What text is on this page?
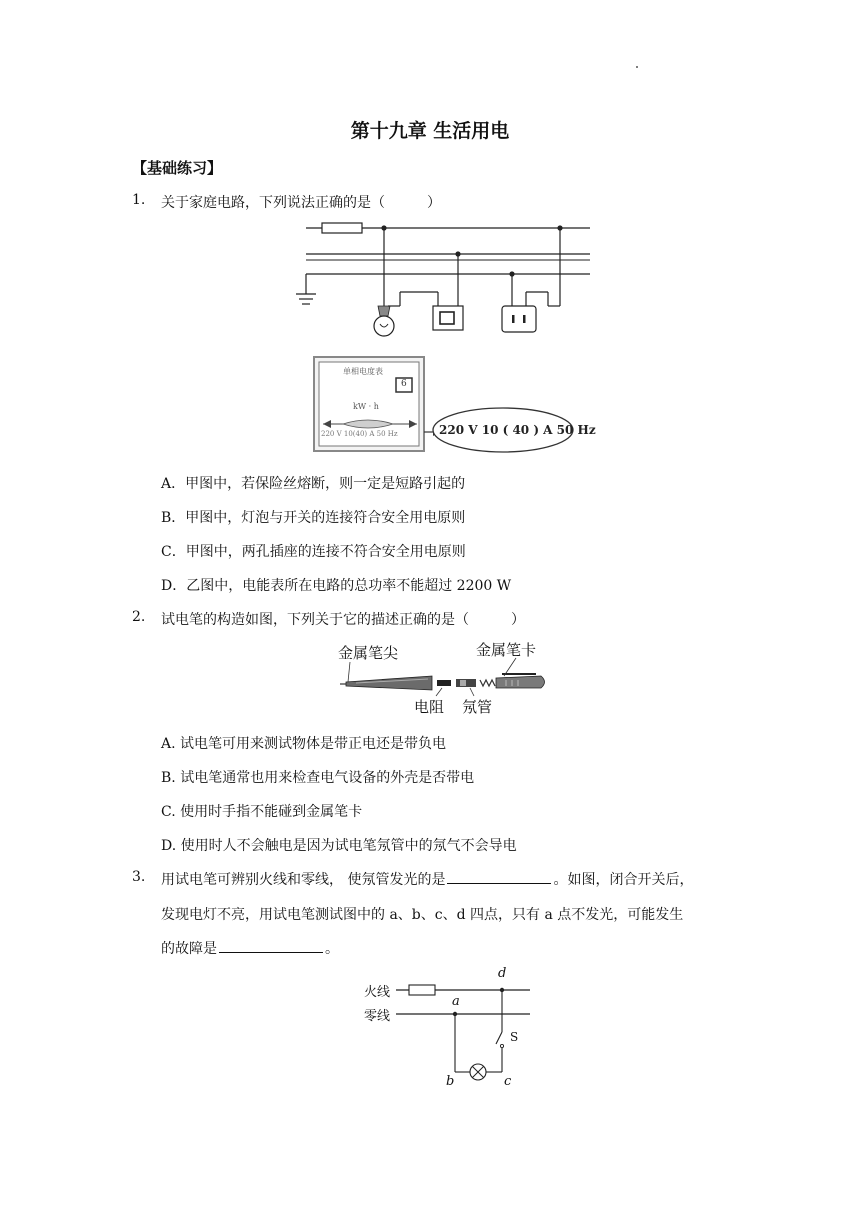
第十九章 生活用电
【基础练习】
1. 关于家庭电路，下列说法正确的是（　　　）
单相电度表
6
kW · h
220 V 10(40) A 50 Hz	220 V 10 ( 40 ) A 50 Hz
A．甲图中，若保险丝熔断，则一定是短路引起的
B．甲图中，灯泡与开关的连接符合安全用电原则
C．甲图中，两孔插座的连接不符合安全用电原则
D．乙图中，电能表所在电路的总功率不能超过 2200 W
2. 试电笔的构造如图，下列关于它的描述正确的是（　　　）
金属笔尖	金属笔卡
电阻 氖管
A. 试电笔可用来测试物体是带正电还是带负电
B. 试电笔通常也用来检查电气设备的外壳是否带电
C. 使用时手指不能碰到金属笔卡
D. 使用时人不会触电是因为试电笔氖管中的氖气不会导电
3. 用试电笔可辨别火线和零线， 使氖管发光的是	。如图，闭合开关后，
发现电灯不亮，用试电笔测试图中的 a、b、c、d 四点，只有 a 点不发光，可能发生
的故障是	。
火线
零线
a
d
S
b	c
